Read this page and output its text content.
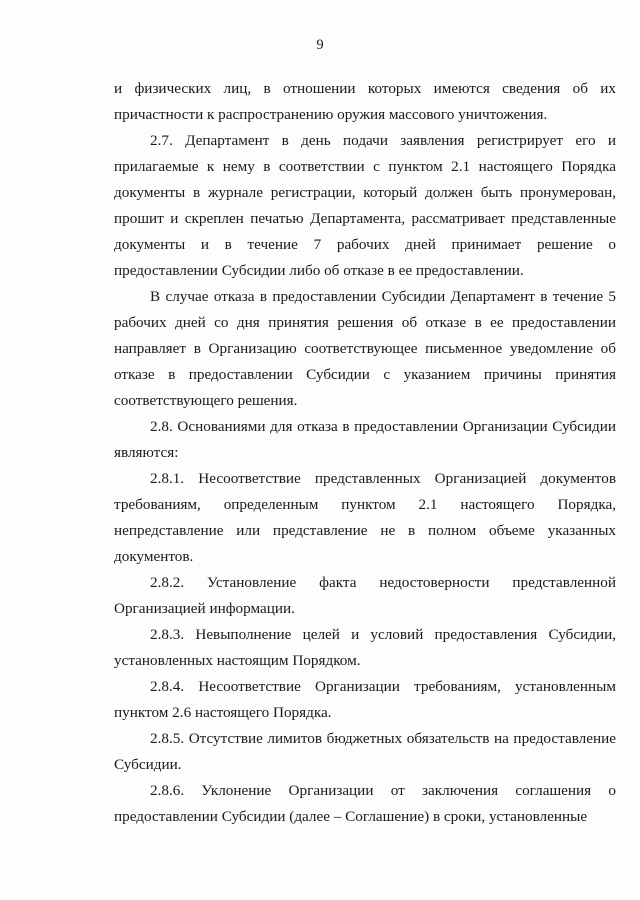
9

и физических лиц, в отношении которых имеются сведения об их причастности к распространению оружия массового уничтожения.

2.7. Департамент в день подачи заявления регистрирует его и прилагаемые к нему в соответствии с пунктом 2.1 настоящего Порядка документы в журнале регистрации, который должен быть пронумерован, прошит и скреплен печатью Департамента, рассматривает представленные документы и в течение 7 рабочих дней принимает решение о предоставлении Субсидии либо об отказе в ее предоставлении.

В случае отказа в предоставлении Субсидии Департамент в течение 5 рабочих дней со дня принятия решения об отказе в ее предоставлении направляет в Организацию соответствующее письменное уведомление об отказе в предоставлении Субсидии с указанием причины принятия соответствующего решения.

2.8. Основаниями для отказа в предоставлении Организации Субсидии являются:

2.8.1. Несоответствие представленных Организацией документов требованиям, определенным пунктом 2.1 настоящего Порядка, непредставление или представление не в полном объеме указанных документов.

2.8.2. Установление факта недостоверности представленной Организацией информации.

2.8.3. Невыполнение целей и условий предоставления Субсидии, установленных настоящим Порядком.

2.8.4. Несоответствие Организации требованиям, установленным пунктом 2.6 настоящего Порядка.

2.8.5. Отсутствие лимитов бюджетных обязательств на предоставление Субсидии.

2.8.6. Уклонение Организации от заключения соглашения о предоставлении Субсидии (далее – Соглашение) в сроки, установленные
